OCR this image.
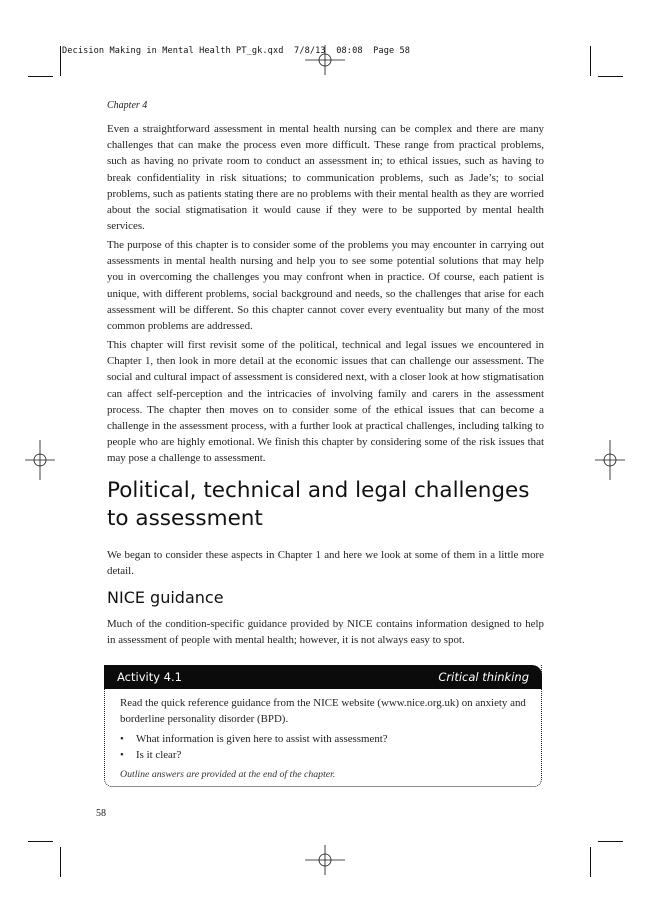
Decision Making in Mental Health PT_gk.qxd  7/8/13  08:08  Page 58
Chapter 4

Even a straightforward assessment in mental health nursing can be complex and there are many challenges that can make the process even more difficult. These range from practical problems, such as having no private room to conduct an assessment in; to ethical issues, such as having to break confidentiality in risk situations; to communication problems, such as Jade’s; to social problems, such as patients stating there are no problems with their mental health as they are worried about the social stigmatisation it would cause if they were to be supported by mental health services.

The purpose of this chapter is to consider some of the problems you may encounter in carrying out assessments in mental health nursing and help you to see some potential solutions that may help you in overcoming the challenges you may confront when in practice. Of course, each patient is unique, with different problems, social background and needs, so the challenges that arise for each assessment will be different. So this chapter cannot cover every eventuality but many of the most common problems are addressed.

This chapter will first revisit some of the political, technical and legal issues we encountered in Chapter 1, then look in more detail at the economic issues that can challenge our assessment. The social and cultural impact of assessment is considered next, with a closer look at how stigmatisation can affect self-perception and the intricacies of involving family and carers in the assessment process. The chapter then moves on to consider some of the ethical issues that can become a challenge in the assessment process, with a further look at practical challenges, including talking to people who are highly emotional. We finish this chapter by considering some of the risk issues that may pose a challenge to assessment.

Political, technical and legal challenges to assessment

We began to consider these aspects in Chapter 1 and here we look at some of them in a little more detail.

NICE guidance

Much of the condition-specific guidance provided by NICE contains information designed to help in assessment of people with mental health; however, it is not always easy to spot.

Activity 4.1	Critical thinking

Read the quick reference guidance from the NICE website (www.nice.org.uk) on anxiety and borderline personality disorder (BPD).

• What information is given here to assist with assessment?
• Is it clear?
Outline answers are provided at the end of the chapter.
58
